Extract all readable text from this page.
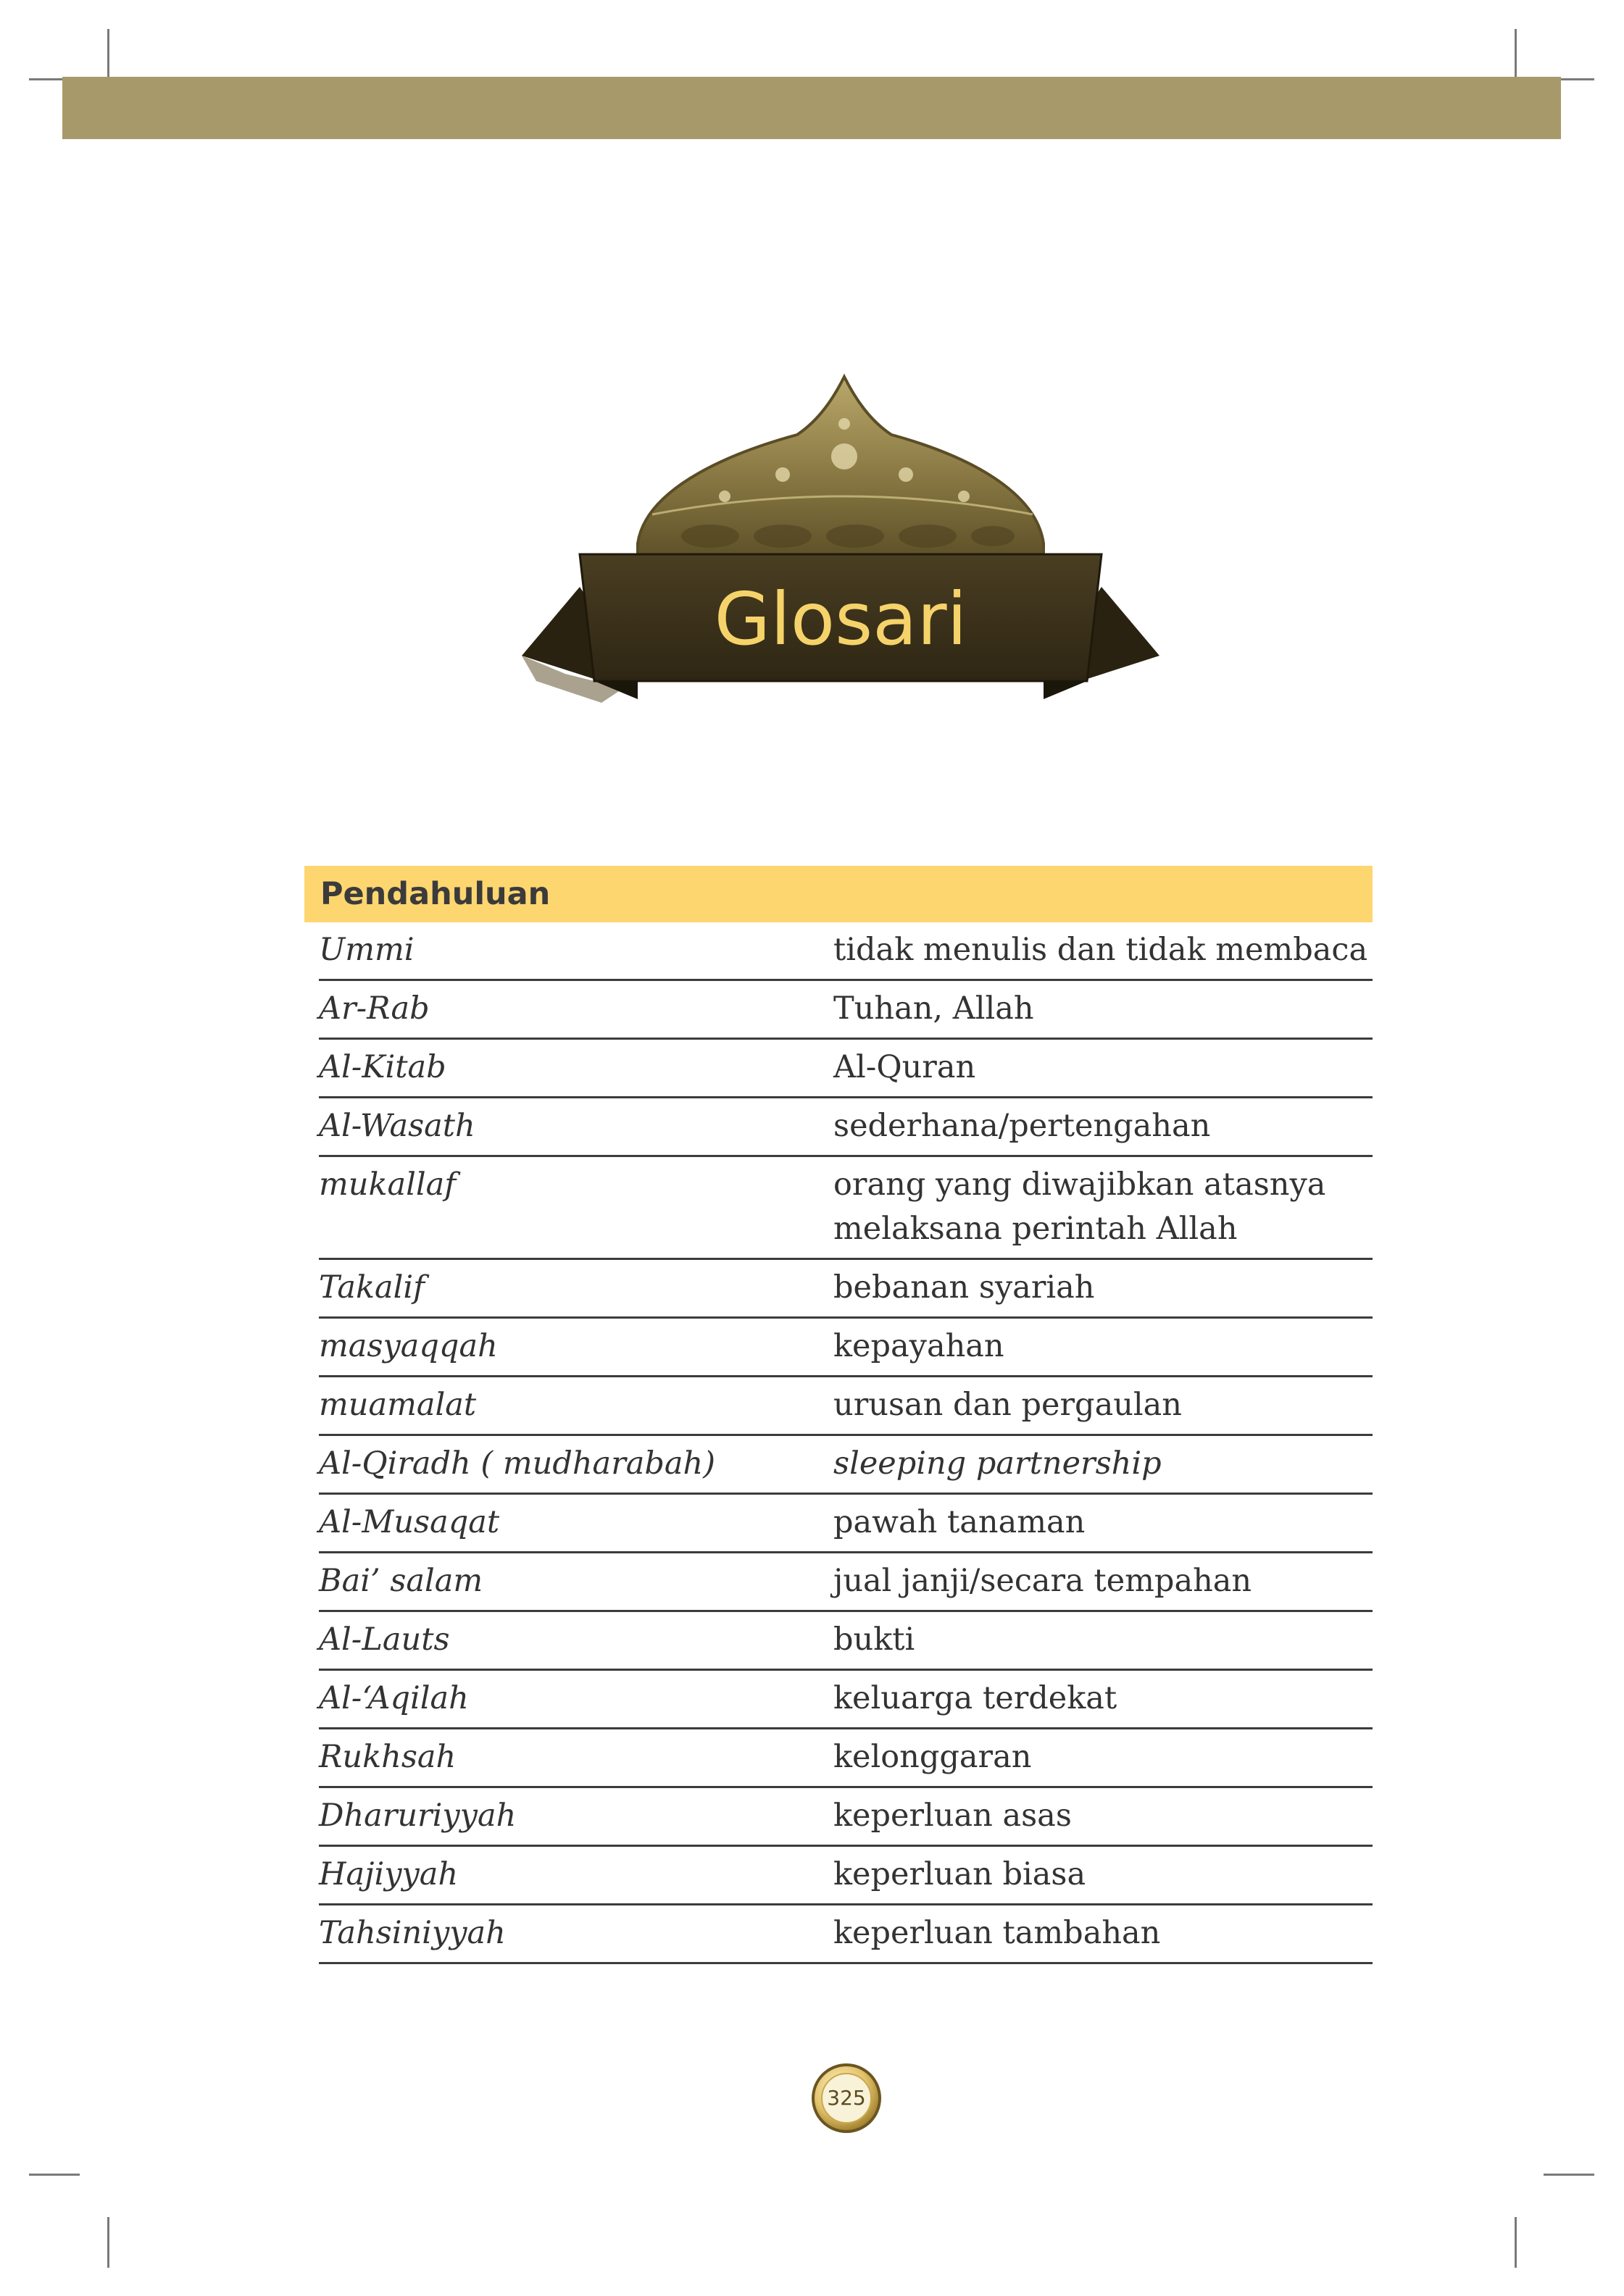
Glosari
Pendahuluan
Ummi	tidak menulis dan tidak membaca
Ar-Rab	Tuhan, Allah
Al-Kitab	Al-Quran
Al-Wasath	sederhana/pertengahan
mukallaf	orang yang diwajibkan atasnya
melaksana perintah Allah
Takalif	bebanan syariah
masyaqqah	kepayahan
muamalat	urusan dan pergaulan
Al-Qiradh ( mudharabah)	sleeping partnership
Al-Musaqat	pawah tanaman
Bai’ salam	jual janji/secara tempahan
Al-Lauts	bukti
Al-‘Aqilah	keluarga terdekat
Rukhsah	kelonggaran
Dharuriyyah	keperluan asas
Hajiyyah	keperluan biasa
Tahsiniyyah	keperluan tambahan
325
